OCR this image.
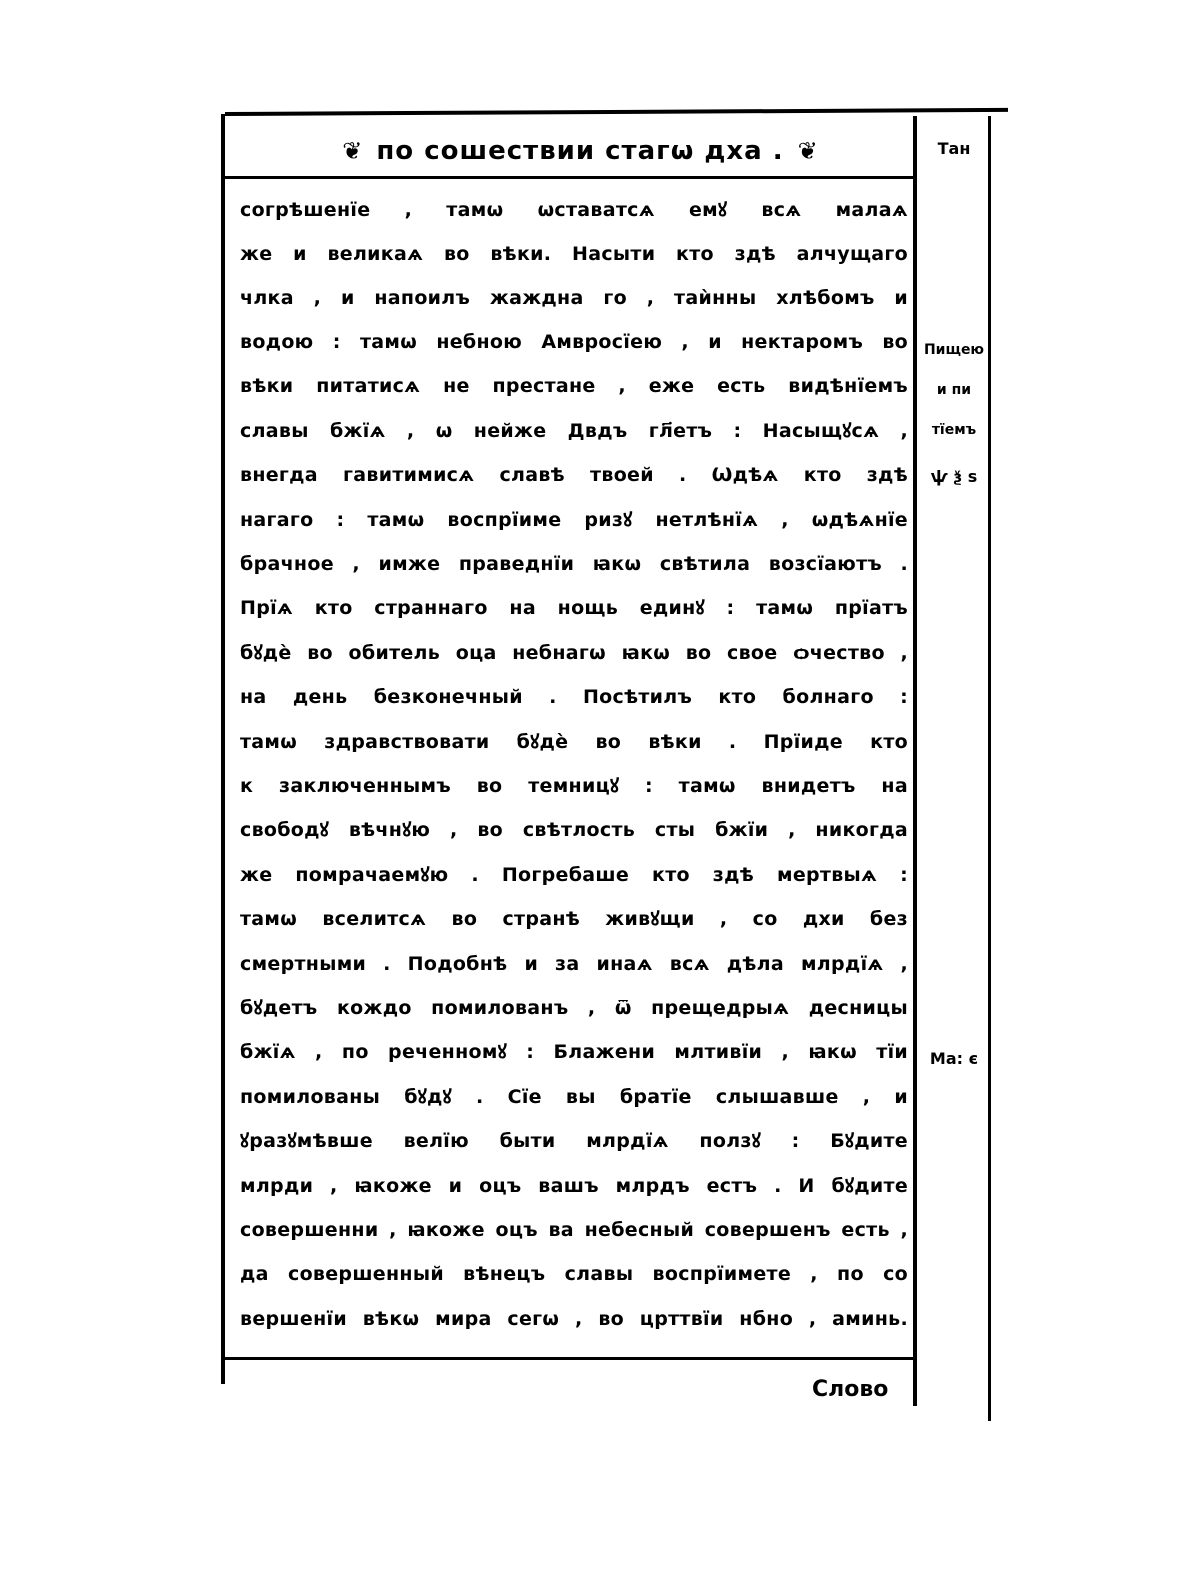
❦ по сошествии стагѡ дха . ❦
согрѣшенїе , тамѡ ѡставатсѧ емꙋ всѧ малаѧ
же и великаѧ во вѣки. Насыти кто здѣ алчущаго
члка , и напоилъ жаждна го , таѝнны хлѣбомъ и
водою : тамѡ небною Амвросїею , и нектаромъ во
вѣки питатисѧ не престане , еже есть видѣнїемъ
славы бжїѧ , ѡ нейже Двдъ гл҃етъ : Насыщꙋсѧ ,
внегда гавитимисѧ славѣ твоей . Ѡдѣѧ кто здѣ
нагаго : тамѡ воспрїиме ризꙋ нетлѣнїѧ , ѡдѣѧнїе
брачное , имже праведнїи ꙗкѡ свѣтила возсїаютъ .
Прїѧ кто страннаго на нощь единꙋ : тамѡ прїатъ
бꙋдѐ во обитель оца небнагѡ ꙗкѡ во свое ѻчество ,
на день безконечный . Посѣтилъ кто болнаго :
тамѡ здравствовати бꙋдѐ во вѣки . Прїиде кто
к заключеннымъ во темницꙋ : тамѡ внидетъ на
свободꙋ вѣчнꙋю , во свѣтлость сты бжїи , никогда
же помрачаемꙋю . Погребаше кто здѣ мертвыѧ :
тамѡ вселитсѧ во странѣ живꙋщи , со дхи без
смертными . Подобнѣ и за инаѧ всѧ дѣла млрдїѧ ,
бꙋдетъ кождо помилованъ , ѿ прещедрыѧ десницы
бжїѧ , по реченномꙋ : Блажени млтивїи , ꙗкѡ тїи
помилованы бꙋдꙋ . Сїе вы братїе слышавше , и
ꙋразꙋмѣвше велїю быти млрдїѧ ползꙋ : Бꙋдите
млрди , ꙗкоже и оцъ вашъ млрдъ естъ . И бꙋдите
совершенни , ꙗкоже оцъ ва небесный совершенъ есть ,
да совершенный вѣнецъ славы воспрїимете , по со
вершенїи вѣкѡ мира сегѡ , во црттвїи нбно , аминь.
Тан
Пищею
и пи
тїемъ
ѱ ѯ ѕ
Ма: є
Слово
